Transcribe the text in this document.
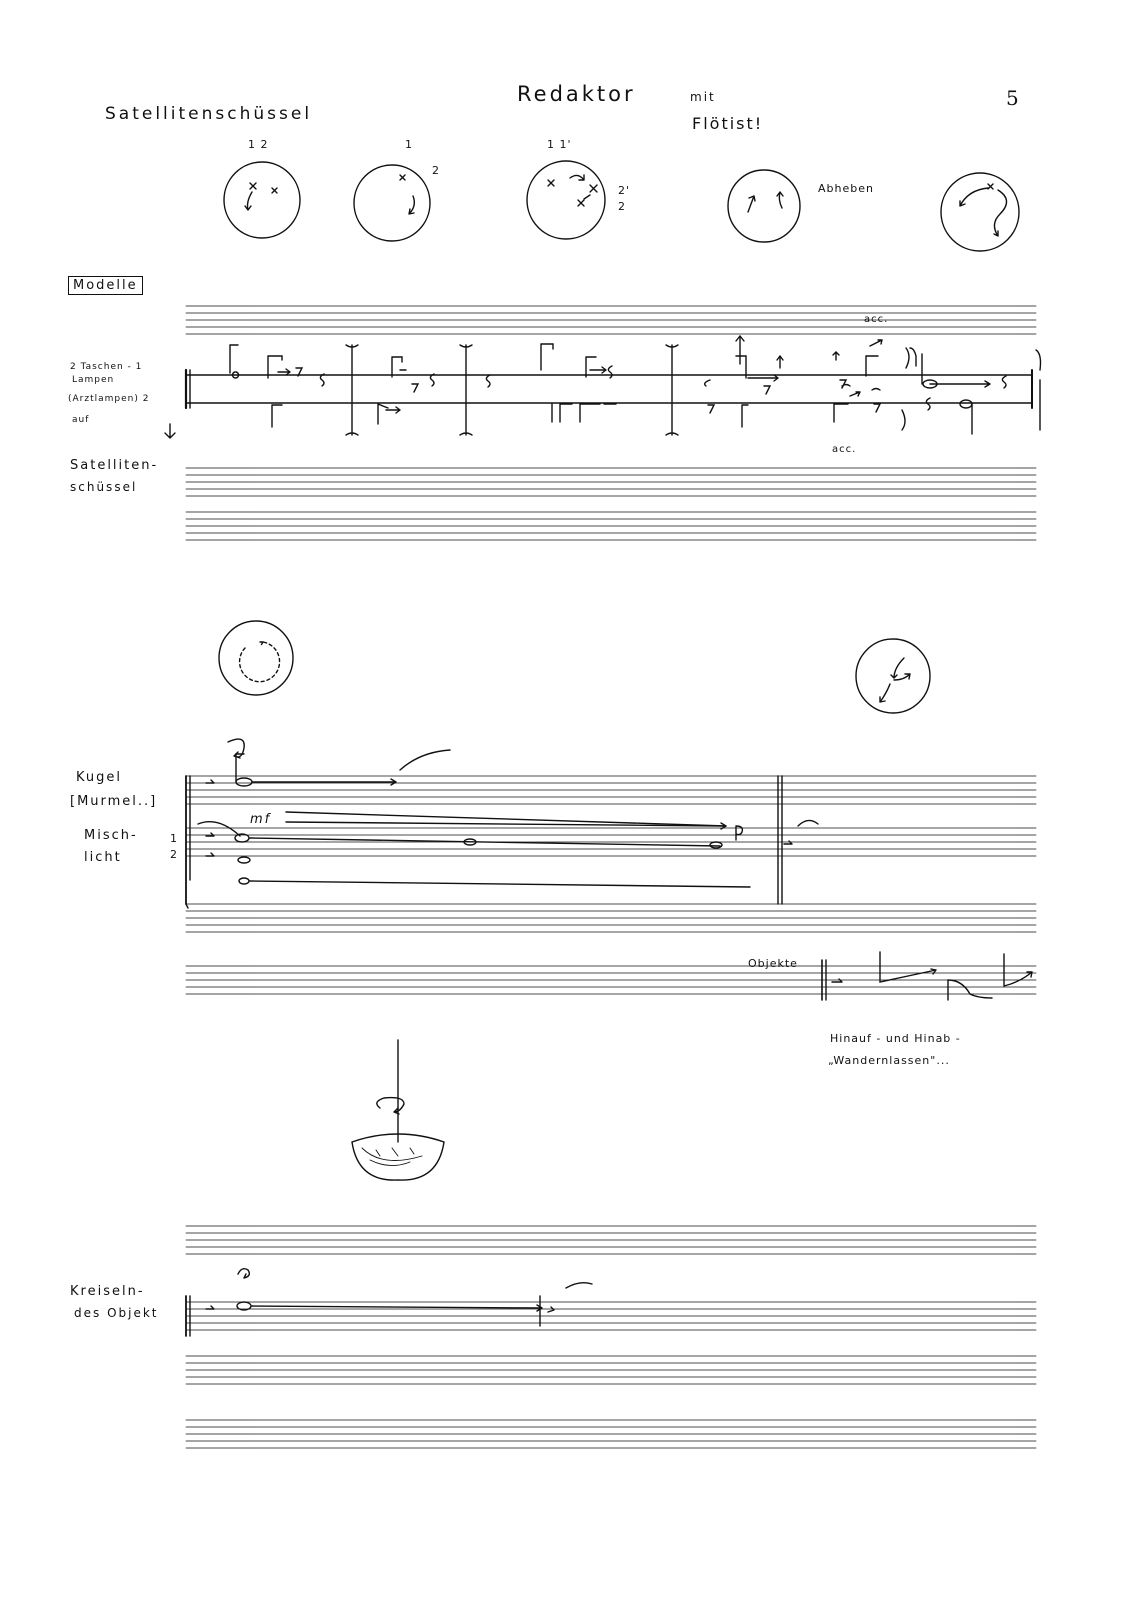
5
Redaktor	mit
Flötist!
Satellitenschüssel
1 2	1
2
1 1'
2'
2
Abheben
Modelle
2 Taschen - 1
Lampen
(Arztlampen) 2
auf
Satelliten-
schüssel
acc.
acc.
Kugel
[Murmel..]
Misch-
licht
1
2
mf
Objekte
Hinauf - und Hinab -
„Wandernlassen"...
Kreiseln-
des Objekt
